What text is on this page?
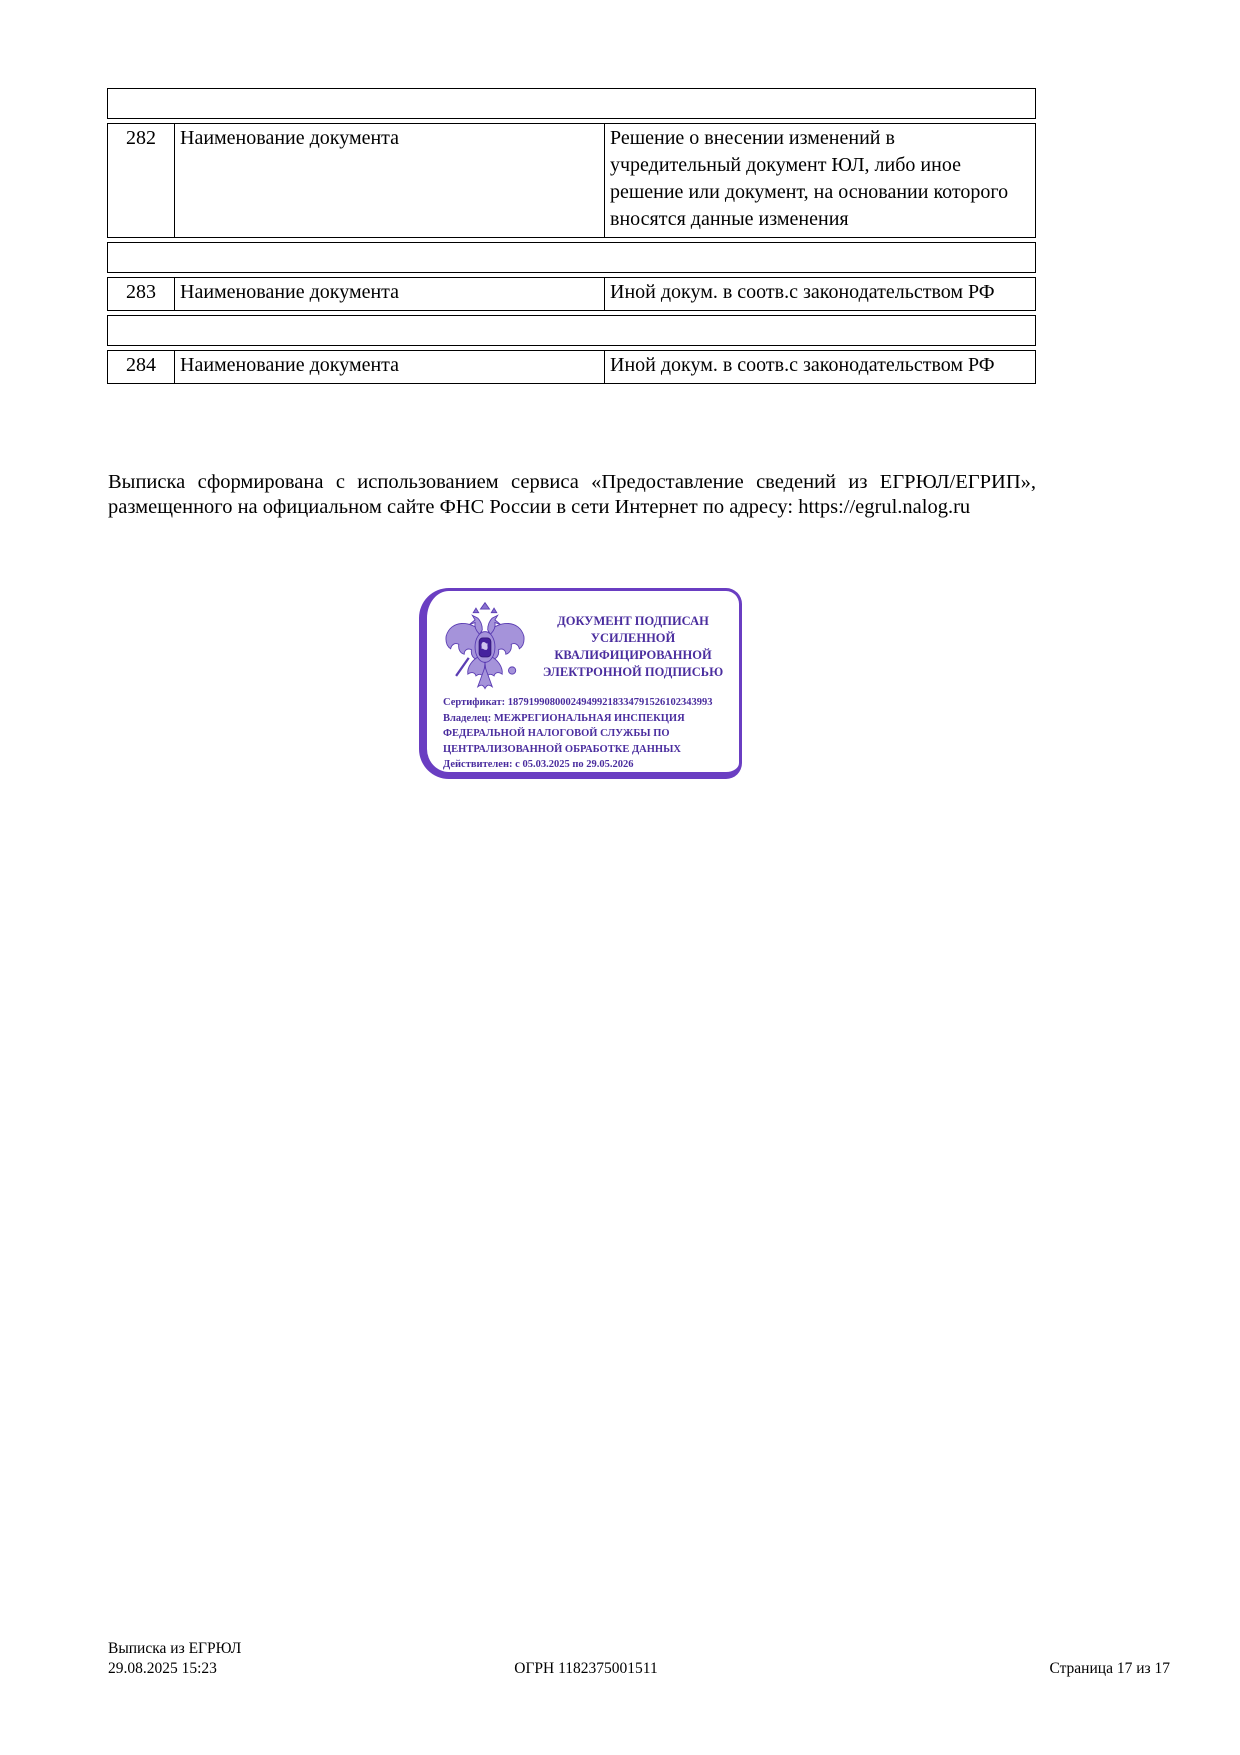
282	Наименование документа	Решение о внесении изменений в учредительный документ ЮЛ, либо иное решение или документ, на основании которого вносятся данные изменения
283	Наименование документа	Иной докум. в соотв.с законодательством РФ
284	Наименование документа	Иной докум. в соотв.с законодательством РФ
Выписка сформирована с использованием сервиса «Предоставление сведений из ЕГРЮЛ/ЕГРИП», размещенного на официальном сайте ФНС России в сети Интернет по адресу: https://egrul.nalog.ru
ДОКУМЕНТ ПОДПИСАН
УСИЛЕННОЙ КВАЛИФИЦИРОВАННОЙ
ЭЛЕКТРОННОЙ ПОДПИСЬЮ
Сертификат: 187919908000249499218334791526102343993
Владелец: МЕЖРЕГИОНАЛЬНАЯ ИНСПЕКЦИЯ ФЕДЕРАЛЬНОЙ НАЛОГОВОЙ СЛУЖБЫ ПО ЦЕНТРАЛИЗОВАННОЙ ОБРАБОТКЕ ДАННЫХ
Действителен: с 05.03.2025 по 29.05.2026
Выписка из ЕГРЮЛ
29.08.2025 15:23	ОГРН 1182375001511	Страница 17 из 17
